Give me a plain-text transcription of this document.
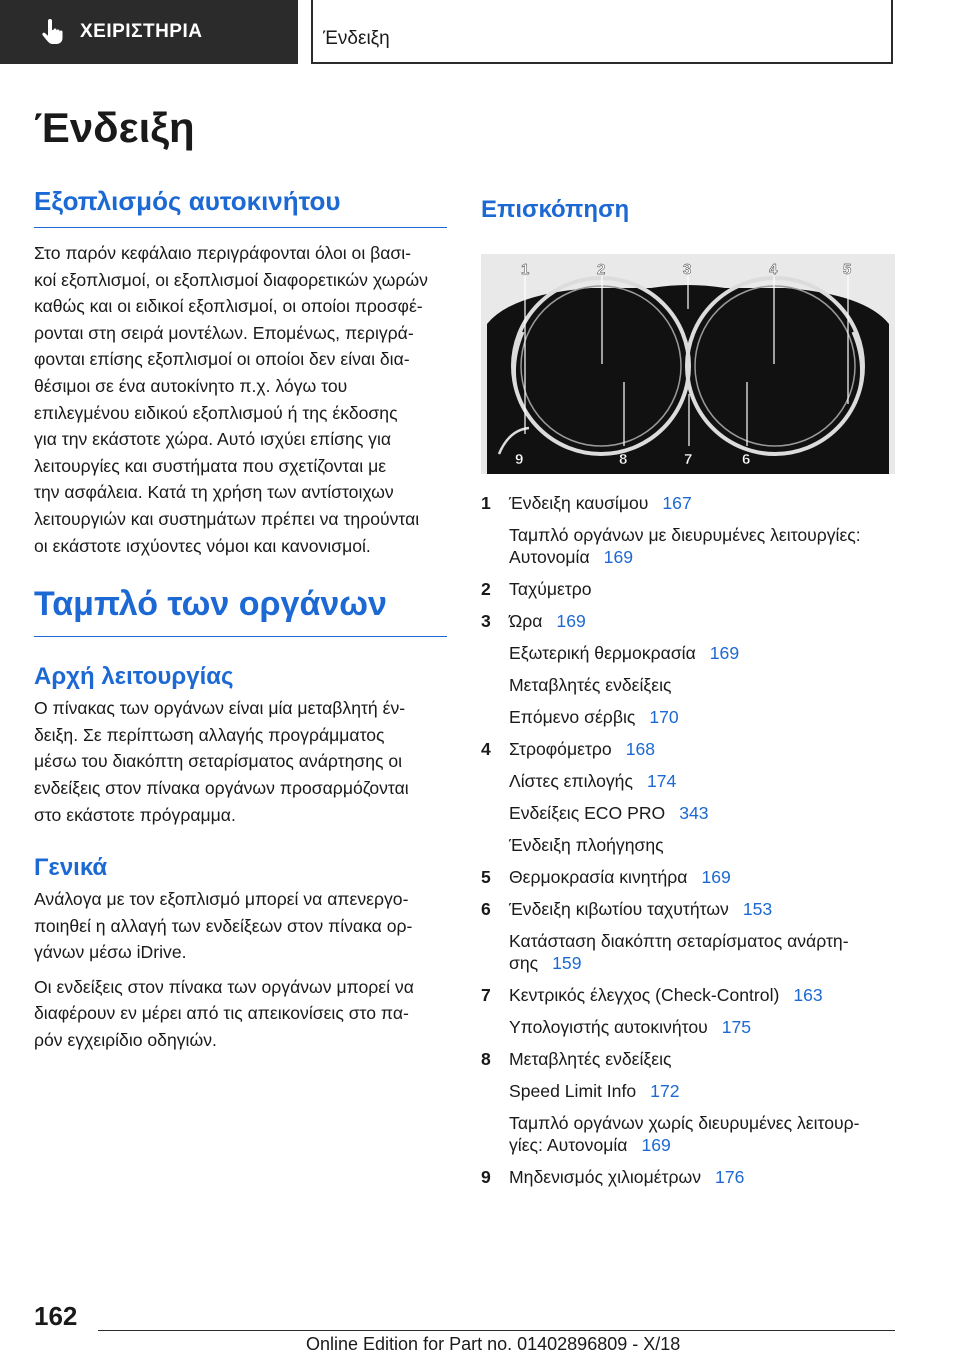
ΧΕΙΡΙΣΤΗΡΙΑ	Ένδειξη
Ένδειξη
Εξοπλισμός αυτοκινήτου

Στο παρόν κεφάλαιο περιγράφονται όλοι οι βασι-
κοί εξοπλισμοί, οι εξοπλισμοί διαφορετικών χωρών
καθώς και οι ειδικοί εξοπλισμοί, οι οποίοι προσφέ-
ρονται στη σειρά μοντέλων. Επομένως, περιγρά-
φονται επίσης εξοπλισμοί οι οποίοι δεν είναι δια-
θέσιμοι σε ένα αυτοκίνητο π.χ. λόγω του
επιλεγμένου ειδικού εξοπλισμού ή της έκδοσης
για την εκάστοτε χώρα. Αυτό ισχύει επίσης για
λειτουργίες και συστήματα που σχετίζονται με
την ασφάλεια. Κατά τη χρήση των αντίστοιχων
λειτουργιών και συστημάτων πρέπει να τηρούνται
οι εκάστοτε ισχύοντες νόμοι και κανονισμοί.

Ταμπλό των οργάνων
Αρχή λειτουργίας

Ο πίνακας των οργάνων είναι μία μεταβλητή έν-
δειξη. Σε περίπτωση αλλαγής προγράμματος
μέσω του διακόπτη σεταρίσματος ανάρτησης οι
ενδείξεις στον πίνακα οργάνων προσαρμόζονται
στο εκάστοτε πρόγραμμα.

Γενικά

Ανάλογα με τον εξοπλισμό μπορεί να απενεργο-
ποιηθεί η αλλαγή των ενδείξεων στον πίνακα ορ-
γάνων μέσω iDrive.

Οι ενδείξεις στον πίνακα των οργάνων μπορεί να
διαφέρουν εν μέρει από τις απεικονίσεις στο πα-
ρόν εγχειρίδιο οδηγιών.

Επισκόπηση
1	2	3	4	5
9	8	7	6
1	Ένδειξη καυσίμου 167
Ταμπλό οργάνων με διευρυμένες λειτουργίες:
Αυτονομία 169
2	Ταχύμετρο
3	Ώρα 169
Εξωτερική θερμοκρασία 169
Μεταβλητές ενδείξεις
Επόμενο σέρβις 170
4	Στροφόμετρο 168
Λίστες επιλογής 174
Ενδείξεις ECO PRO 343
Ένδειξη πλοήγησης
5	Θερμοκρασία κινητήρα 169
6	Ένδειξη κιβωτίου ταχυτήτων 153
Κατάσταση διακόπτη σεταρίσματος ανάρτη-
σης 159
7	Κεντρικός έλεγχος (Check-Control) 163
Υπολογιστής αυτοκινήτου 175
8	Μεταβλητές ενδείξεις
Speed Limit Info 172
Ταμπλό οργάνων χωρίς διευρυμένες λειτουρ-
γίες: Αυτονομία 169
9	Μηδενισμός χιλιομέτρων 176
162
Online Edition for Part no. 01402896809 - X/18
